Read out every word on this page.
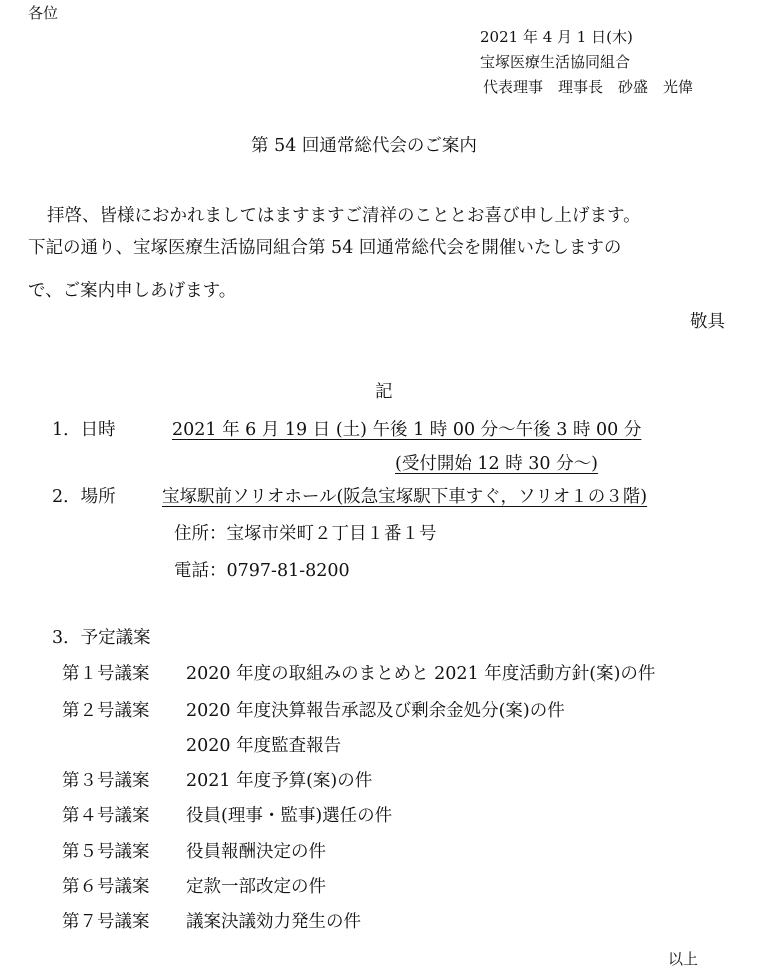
各位
2021 年 4 月 1 日(木)
宝塚医療生活協同組合
代表理事　理事長　砂盛　光偉
第 54 回通常総代会のご案内
拝啓、皆様におかれましてはますますご清祥のこととお喜び申し上げます。
下記の通り、宝塚医療生活協同組合第 54 回通常総代会を開催いたしますの
で、ご案内申しあげます。
敬具
記
1．日時	2021 年 6 月 19 日 (土) 午後 1 時 00 分～午後 3 時 00 分
(受付開始 12 時 30 分～)
2．場所	宝塚駅前ソリオホール(阪急宝塚駅下車すぐ，ソリオ１の３階)
住所：宝塚市栄町２丁目１番１号
電話：0797-81-8200
3．予定議案
第１号議案 2020 年度の取組みのまとめと 2021 年度活動方針(案)の件
第２号議案 2020 年度決算報告承認及び剰余金処分(案)の件
2020 年度監査報告
第３号議案 2021 年度予算(案)の件
第４号議案 役員(理事・監事)選任の件
第５号議案 役員報酬決定の件
第６号議案 定款一部改定の件
第７号議案 議案決議効力発生の件
以上
